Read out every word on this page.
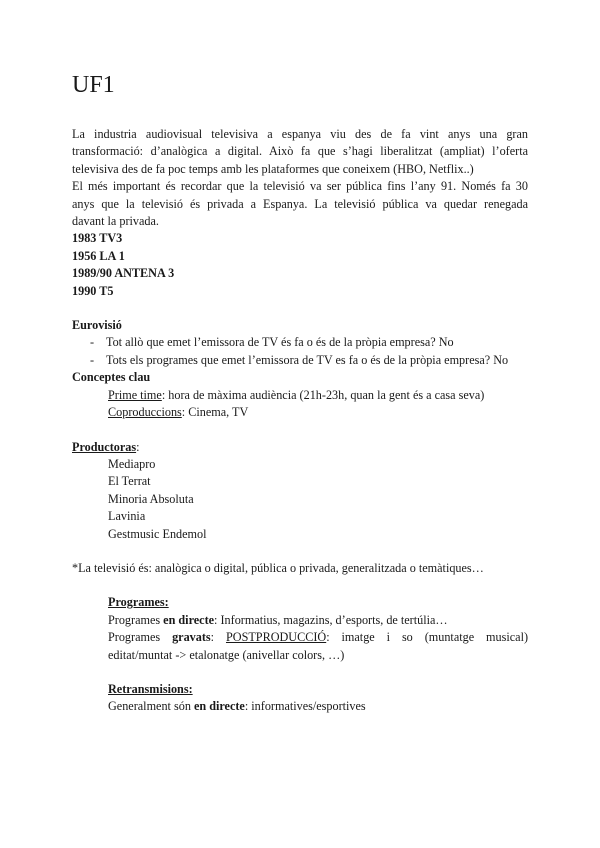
UF1

La industria audiovisual televisiva a espanya viu des de fa vint anys una gran

transformació: d’analògica a digital. Això fa que s’hagi liberalitzat (ampliat) l’oferta

televisiva des de fa poc temps amb les plataformes que coneixem (HBO, Netflix..)

El més important és recordar que la televisió va ser pública fins l’any 91. Només fa 30

anys que la televisió és privada a Espanya. La televisió pública va quedar renegada

davant la privada.

1983 TV3

1956 LA 1

1989/90 ANTENA 3

1990 T5

Eurovisió

- Tot allò que emet l’emissora de TV és fa o és de la pròpia empresa? No
- Tots els programes que emet l’emissora de TV es fa o és de la pròpia empresa? No

Conceptes clau

Prime time: hora de màxima audiència (21h-23h, quan la gent és a casa seva)

Coproduccions: Cinema, TV

Productoras:

Mediapro

El Terrat

Minoria Absoluta

Lavinia

Gestmusic Endemol

*La televisió és: analògica o digital, pública o privada, generalitzada o temàtiques…

Programes:

Programes en directe: Informatius, magazins, d’esports, de tertúlia…

Programes gravats: POSTPRODUCCIÓ: imatge i so (muntatge musical)

editat/muntat -> etalonatge (anivellar colors, …)

Retransmisions:

Generalment són en directe: informatives/esportives
